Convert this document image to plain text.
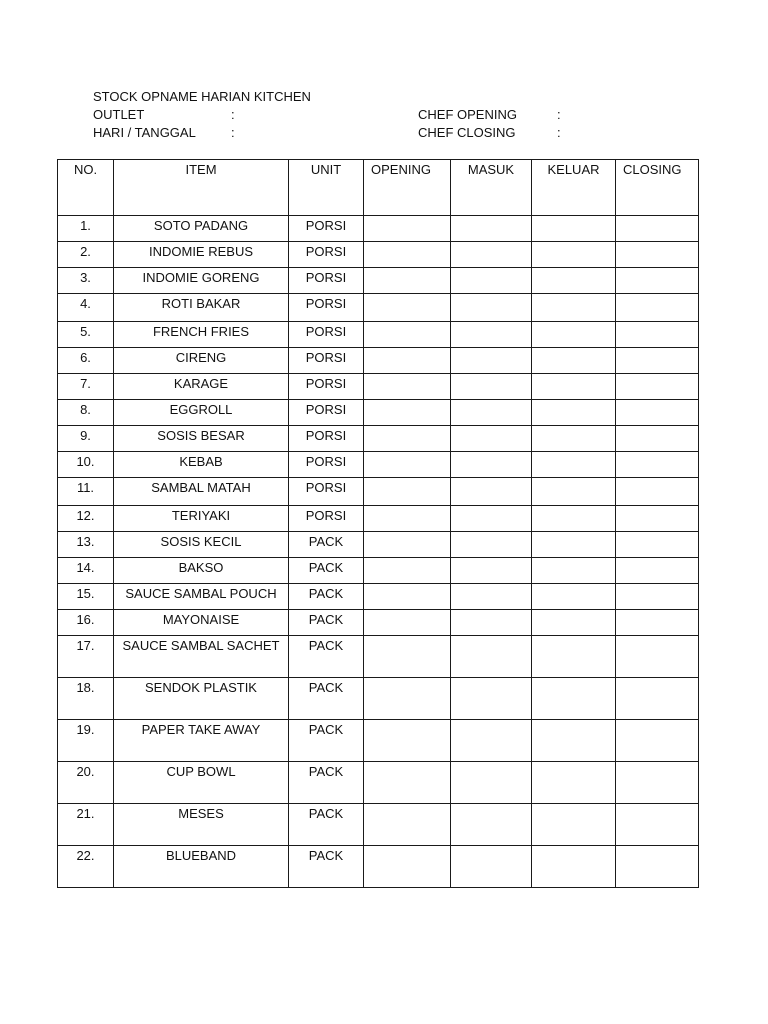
STOCK OPNAME HARIAN KITCHEN
OUTLET	:	CHEF OPENING	:
HARI / TANGGAL	:	CHEF CLOSING	:
NO.	ITEM	UNIT	OPENING	MASUK	KELUAR	CLOSING
1.	SOTO PADANG	PORSI				
2.	INDOMIE REBUS	PORSI				
3.	INDOMIE GORENG	PORSI				
4.	ROTI BAKAR	PORSI				
5.	FRENCH FRIES	PORSI				
6.	CIRENG	PORSI				
7.	KARAGE	PORSI				
8.	EGGROLL	PORSI				
9.	SOSIS BESAR	PORSI				
10.	KEBAB	PORSI				
11.	SAMBAL MATAH	PORSI				
12.	TERIYAKI	PORSI				
13.	SOSIS KECIL	PACK				
14.	BAKSO	PACK				
15.	SAUCE SAMBAL POUCH	PACK				
16.	MAYONAISE	PACK				
17.	SAUCE SAMBAL SACHET	PACK				
18.	SENDOK PLASTIK	PACK				
19.	PAPER TAKE AWAY	PACK				
20.	CUP BOWL	PACK				
21.	MESES	PACK				
22.	BLUEBAND	PACK				
